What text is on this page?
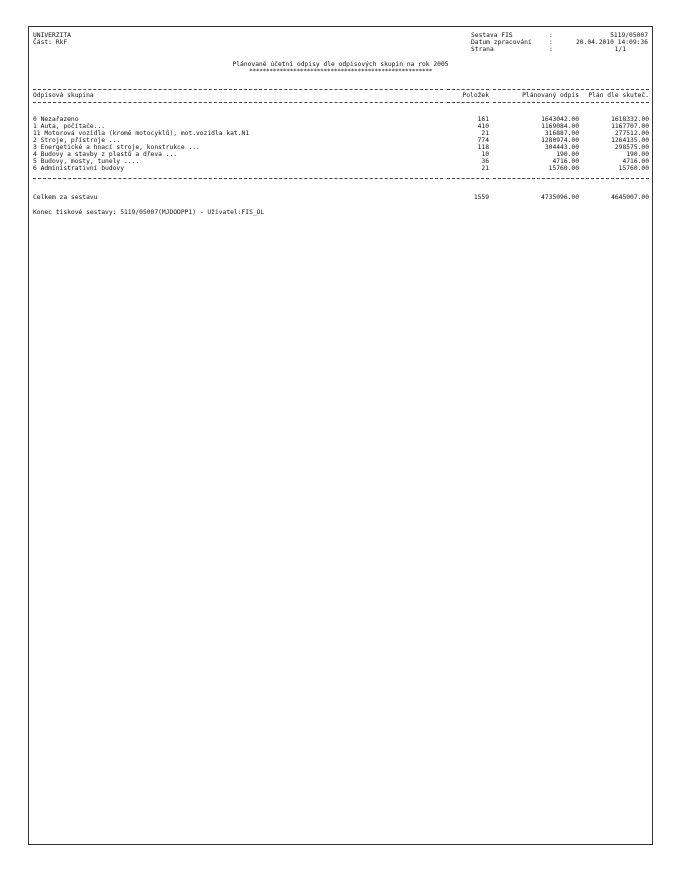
UNIVERZITA
Část: RkF
Sestava FIS	:	5119/05007
Datum zpracování	:	20.04.2010 14:09:36
Strana	:	1/1
Plánované účetní odpisy dle odpisových skupin na rok 2005
******************************************************
Odpisová skupina	Položek	Plánovaný odpis	Plán dle skuteč.
0 Nezařazeno	161	1643042.00	1618332.00
1 Auta, počítače...	410	1169084.00	1167707.00
11 Motorová vozidla (kromě motocyklů), mot.vozidla kat.N1	21	316887.00	277512.00
2 Stroje, přístroje ...	774	1280974.00	1264135.00
3 Energetické a hnací stroje, konstrukce ...	118	304443.00	298575.00
4 Budovy a stavby z plastů a dřeva ...	10	190.00	190.00
5 Budovy, mosty, tunely ....	36	4716.00	4716.00
6 Administrativní budovy	21	15760.00	15760.00
Celkem za sestavu	1559	4735096.00	4645007.00
Konec tiskové sestavy: 5119/05007(MJDODPP1) - Uživatel:FIS_OL
